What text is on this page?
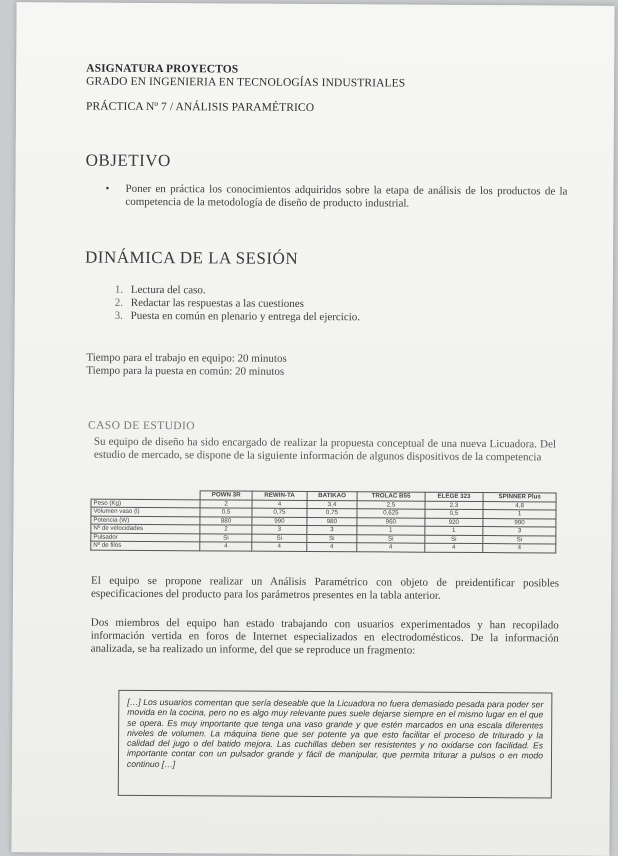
ASIGNATURA PROYECTOS
GRADO EN INGENIERIA EN TECNOLOGÍAS INDUSTRIALES
PRÁCTICA Nº 7 / ANÁLISIS PARAMÉTRICO
OBJETIVO
• Poner en práctica los conocimientos adquiridos sobre la etapa de análisis de los productos de la competencia de la metodología de diseño de producto industrial.
DINÁMICA DE LA SESIÓN
1. Lectura del caso.
2. Redactar las respuestas a las cuestiones
3. Puesta en común en plenario y entrega del ejercicio.
Tiempo para el trabajo en equipo: 20 minutos
Tiempo para la puesta en común: 20 minutos
CASO DE ESTUDIO
Su equipo de diseño ha sido encargado de realizar la propuesta conceptual de una nueva Licuadora. Del estudio de mercado, se dispone de la siguiente información de algunos dispositivos de la competencia
	POWN 3R	REWIN-TA	BATIKAO	TROLAC B55	ELEGE 323	SPINNER Plus
Peso (Kg)	2	4	3,4	2,5	2,3	4,8
Volumen vaso (l)	0,5	0,75	0,75	0,625	0,5	1
Potencia (W)	880	990	980	960	920	990
Nº de velocidades	2	3	3	1	1	3
Pulsador	Si	Si	Si	Si	Si	Si
Nº de filos	4	4	4	4	4	4
El equipo se propone realizar un Análisis Paramétrico con objeto de preidentificar posibles especificaciones del producto para los parámetros presentes en la tabla anterior.
Dos miembros del equipo han estado trabajando con usuarios experimentados y han recopilado información vertida en foros de Internet especializados en electrodomésticos. De la información analizada, se ha realizado un informe, del que se reproduce un fragmento:

[…] Los usuarios comentan que sería deseable que la Licuadora no fuera demasiado pesada para poder ser movida en la cocina, pero no es algo muy relevante pues suele dejarse siempre en el mismo lugar en el que se opera. Es muy importante que tenga una vaso grande y que estén marcados en una escala diferentes niveles de volumen. La máquina tiene que ser potente ya que esto facilitar el proceso de triturado y la calidad del jugo o del batido mejora. Las cuchillas deben ser resistentes y no oxidarse con facilidad. Es importante contar con un pulsador grande y fácil de manipular, que permita triturar a pulsos o en modo continuo […]
